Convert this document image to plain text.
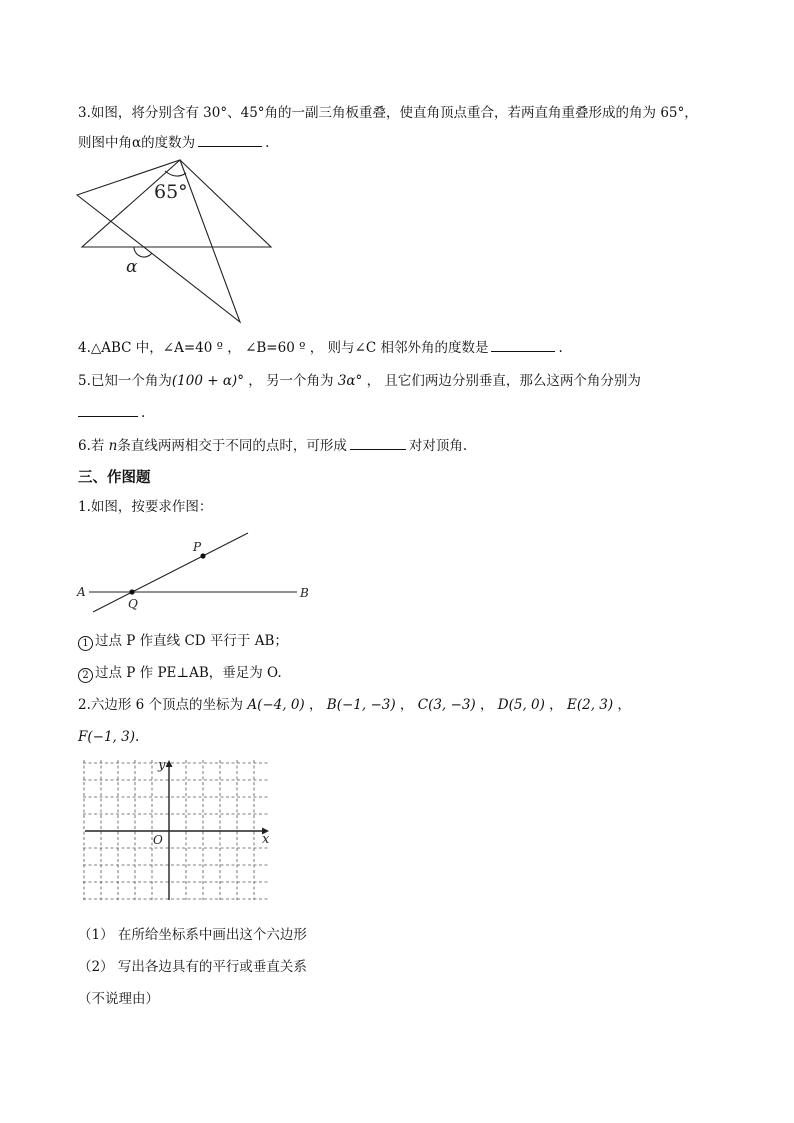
3.如图，将分别含有 30°、45°角的一副三角板重叠，使直角顶点重合，若两直角重叠形成的角为 65°，
则图中角α的度数为	.
65°
α
4.△ABC 中，∠A=40 º ， ∠B=60 º ， 则与∠C 相邻外角的度数是	.
5.已知一个角为(100 + α)° ， 另一个角为 3α° ， 且它们两边分别垂直，那么这两个角分别为
.
6.若 n条直线两两相交于不同的点时，可形成	对对顶角.
三、作图题
1.如图，按要求作图：
A	B
P
Q
1 过点 P 作直线 CD 平行于 AB；
2 过点 P 作 PE⊥AB，垂足为 O.
2.六边形 6 个顶点的坐标为 A(−4, 0) ， B(−1, −3) ， C(3, −3) ， D(5, 0) ， E(2, 3) ，
F(−1, 3).
y
x
O
（1） 在所给坐标系中画出这个六边形
（2） 写出各边具有的平行或垂直关系
（不说理由）
